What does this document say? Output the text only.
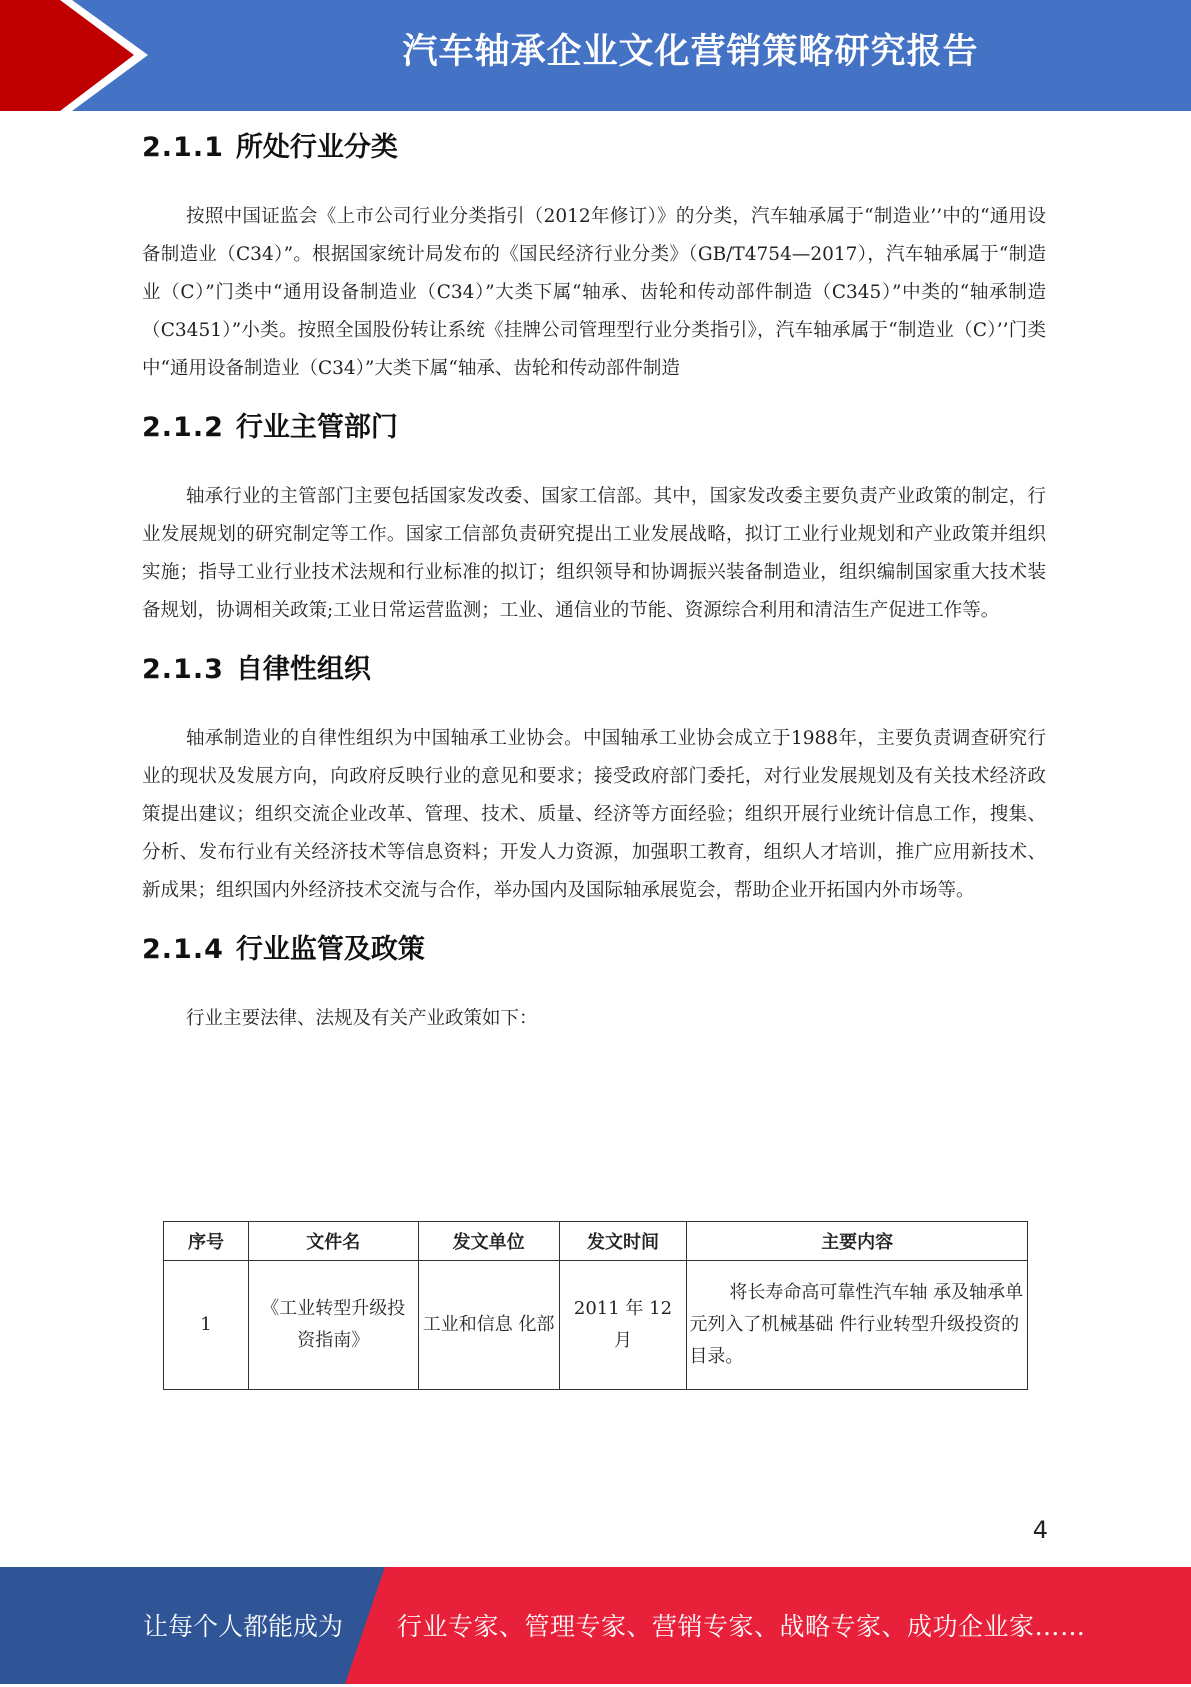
汽车轴承企业文化营销策略研究报告
2.1.1 所处行业分类

按照中国证监会《上市公司行业分类指引（2012年修订）》的分类，汽车轴承属于“制造业’’中的“通用设备制造业（C34）”。根据国家统计局发布的《国民经济行业分类》（GB/T4754—2017），汽车轴承属于“制造业（C）”门类中“通用设备制造业（C34）”大类下属“轴承、齿轮和传动部件制造（C345）”中类的“轴承制造（C3451）”小类。按照全国股份转让系统《挂牌公司管理型行业分类指引》，汽车轴承属于“制造业（C）’’门类中“通用设备制造业（C34）”大类下属“轴承、齿轮和传动部件制造

2.1.2 行业主管部门

轴承行业的主管部门主要包括国家发改委、国家工信部。其中，国家发改委主要负责产业政策的制定，行业发展规划的研究制定等工作。国家工信部负责研究提出工业发展战略，拟订工业行业规划和产业政策并组织实施；指导工业行业技术法规和行业标准的拟订；组织领导和协调振兴装备制造业，组织编制国家重大技术装备规划，协调相关政策;工业日常运营监测；工业、通信业的节能、资源综合利用和清洁生产促进工作等。

2.1.3 自律性组织

轴承制造业的自律性组织为中国轴承工业协会。中国轴承工业协会成立于1988年，主要负责调查研究行业的现状及发展方向，向政府反映行业的意见和要求；接受政府部门委托，对行业发展规划及有关技术经济政策提出建议；组织交流企业改革、管理、技术、质量、经济等方面经验；组织开展行业统计信息工作，搜集、分析、发布行业有关经济技术等信息资料；开发人力资源，加强职工教育，组织人才培训，推广应用新技术、新成果；组织国内外经济技术交流与合作，举办国内及国际轴承展览会，帮助企业开拓国内外市场等。

2.1.4 行业监管及政策

行业主要法律、法规及有关产业政策如下：

序号	文件名	发文单位	发文时间	主要内容
1	《工业转型升级投资指南》	工业和信息 化部	2011 年 12 月	将长寿命高可靠性汽车轴 承及轴承单元列入了机械基础 件行业转型升级投资的目录。
4
让每个人都能成为 行业专家、管理专家、营销专家、战略专家、成功企业家……
